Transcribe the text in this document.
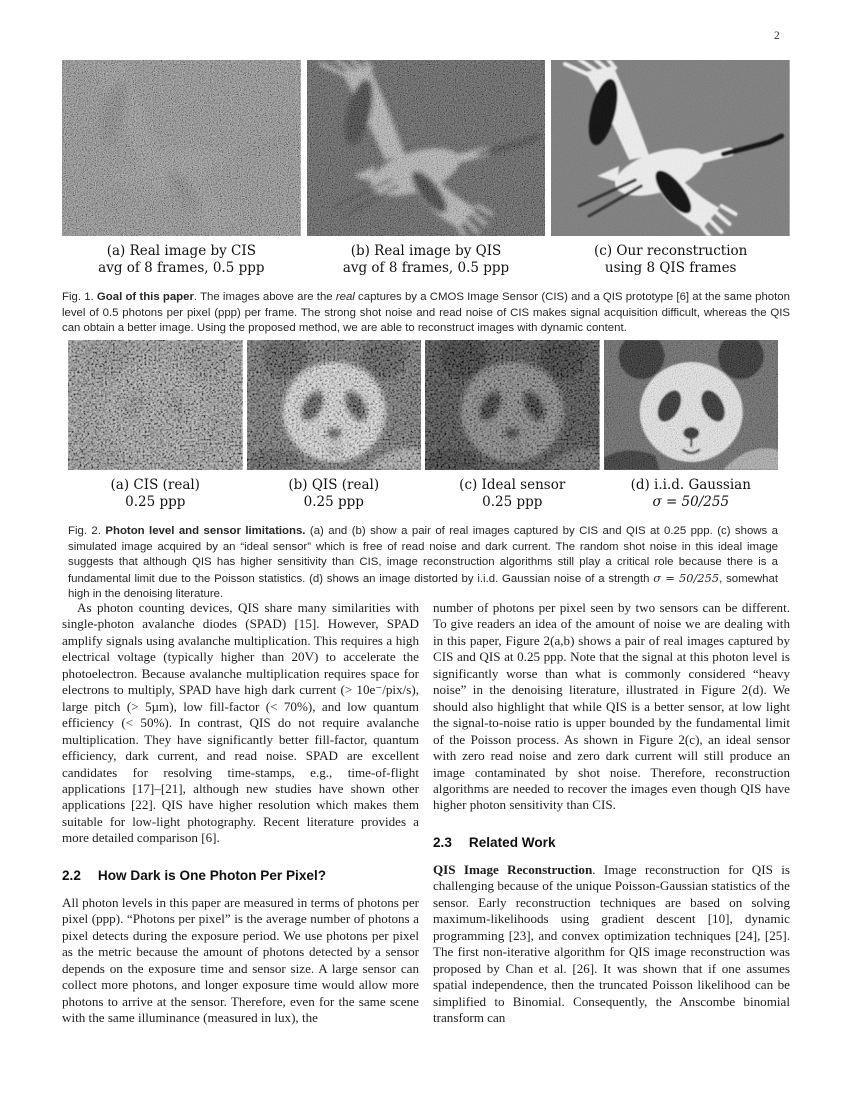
2
(a) Real image by CIS
avg of 8 frames, 0.5 ppp
(b) Real image by QIS
avg of 8 frames, 0.5 ppp
(c) Our reconstruction
using 8 QIS frames
Fig. 1. Goal of this paper. The images above are the real captures by a CMOS Image Sensor (CIS) and a QIS prototype [6] at the same photon level of 0.5 photons per pixel (ppp) per frame. The strong shot noise and read noise of CIS makes signal acquisition difficult, whereas the QIS can obtain a better image. Using the proposed method, we are able to reconstruct images with dynamic content.
(a) CIS (real)
0.25 ppp
(b) QIS (real)
0.25 ppp
(c) Ideal sensor
0.25 ppp
(d) i.i.d. Gaussian
σ = 50/255
Fig. 2. Photon level and sensor limitations. (a) and (b) show a pair of real images captured by CIS and QIS at 0.25 ppp. (c) shows a simulated image acquired by an “ideal sensor” which is free of read noise and dark current. The random shot noise in this ideal image suggests that although QIS has higher sensitivity than CIS, image reconstruction algorithms still play a critical role because there is a fundamental limit due to the Poisson statistics. (d) shows an image distorted by i.i.d. Gaussian noise of a strength σ = 50/255, somewhat high in the denoising literature.

As photon counting devices, QIS share many similarities with single-photon avalanche diodes (SPAD) [15]. However, SPAD amplify signals using avalanche multiplication. This requires a high electrical voltage (typically higher than 20V) to accelerate the photoelectron. Because avalanche multiplication requires space for electrons to multiply, SPAD have high dark current (> 10e⁻/pix/s), large pitch (> 5µm), low fill-factor (< 70%), and low quantum efficiency (< 50%). In contrast, QIS do not require avalanche multiplication. They have significantly better fill-factor, quantum efficiency, dark current, and read noise. SPAD are excellent candidates for resolving time-stamps, e.g., time-of-flight applications [17]–[21], although new studies have shown other applications [22]. QIS have higher resolution which makes them suitable for low-light photography. Recent literature provides a more detailed comparison [6].

2.2 How Dark is One Photon Per Pixel?

All photon levels in this paper are measured in terms of photons per pixel (ppp). “Photons per pixel” is the average number of photons a pixel detects during the exposure period. We use photons per pixel as the metric because the amount of photons detected by a sensor depends on the exposure time and sensor size. A large sensor can collect more photons, and longer exposure time would allow more photons to arrive at the sensor. Therefore, even for the same scene with the same illuminance (measured in lux), the

number of photons per pixel seen by two sensors can be different. To give readers an idea of the amount of noise we are dealing with in this paper, Figure 2(a,b) shows a pair of real images captured by CIS and QIS at 0.25 ppp. Note that the signal at this photon level is significantly worse than what is commonly considered “heavy noise” in the denoising literature, illustrated in Figure 2(d). We should also highlight that while QIS is a better sensor, at low light the signal-to-noise ratio is upper bounded by the fundamental limit of the Poisson process. As shown in Figure 2(c), an ideal sensor with zero read noise and zero dark current will still produce an image contaminated by shot noise. Therefore, reconstruction algorithms are needed to recover the images even though QIS have higher photon sensitivity than CIS.

2.3 Related Work

QIS Image Reconstruction. Image reconstruction for QIS is challenging because of the unique Poisson-Gaussian statistics of the sensor. Early reconstruction techniques are based on solving maximum-likelihoods using gradient descent [10], dynamic programming [23], and convex optimization techniques [24], [25]. The first non-iterative algorithm for QIS image reconstruction was proposed by Chan et al. [26]. It was shown that if one assumes spatial independence, then the truncated Poisson likelihood can be simplified to Binomial. Consequently, the Anscombe binomial transform can
